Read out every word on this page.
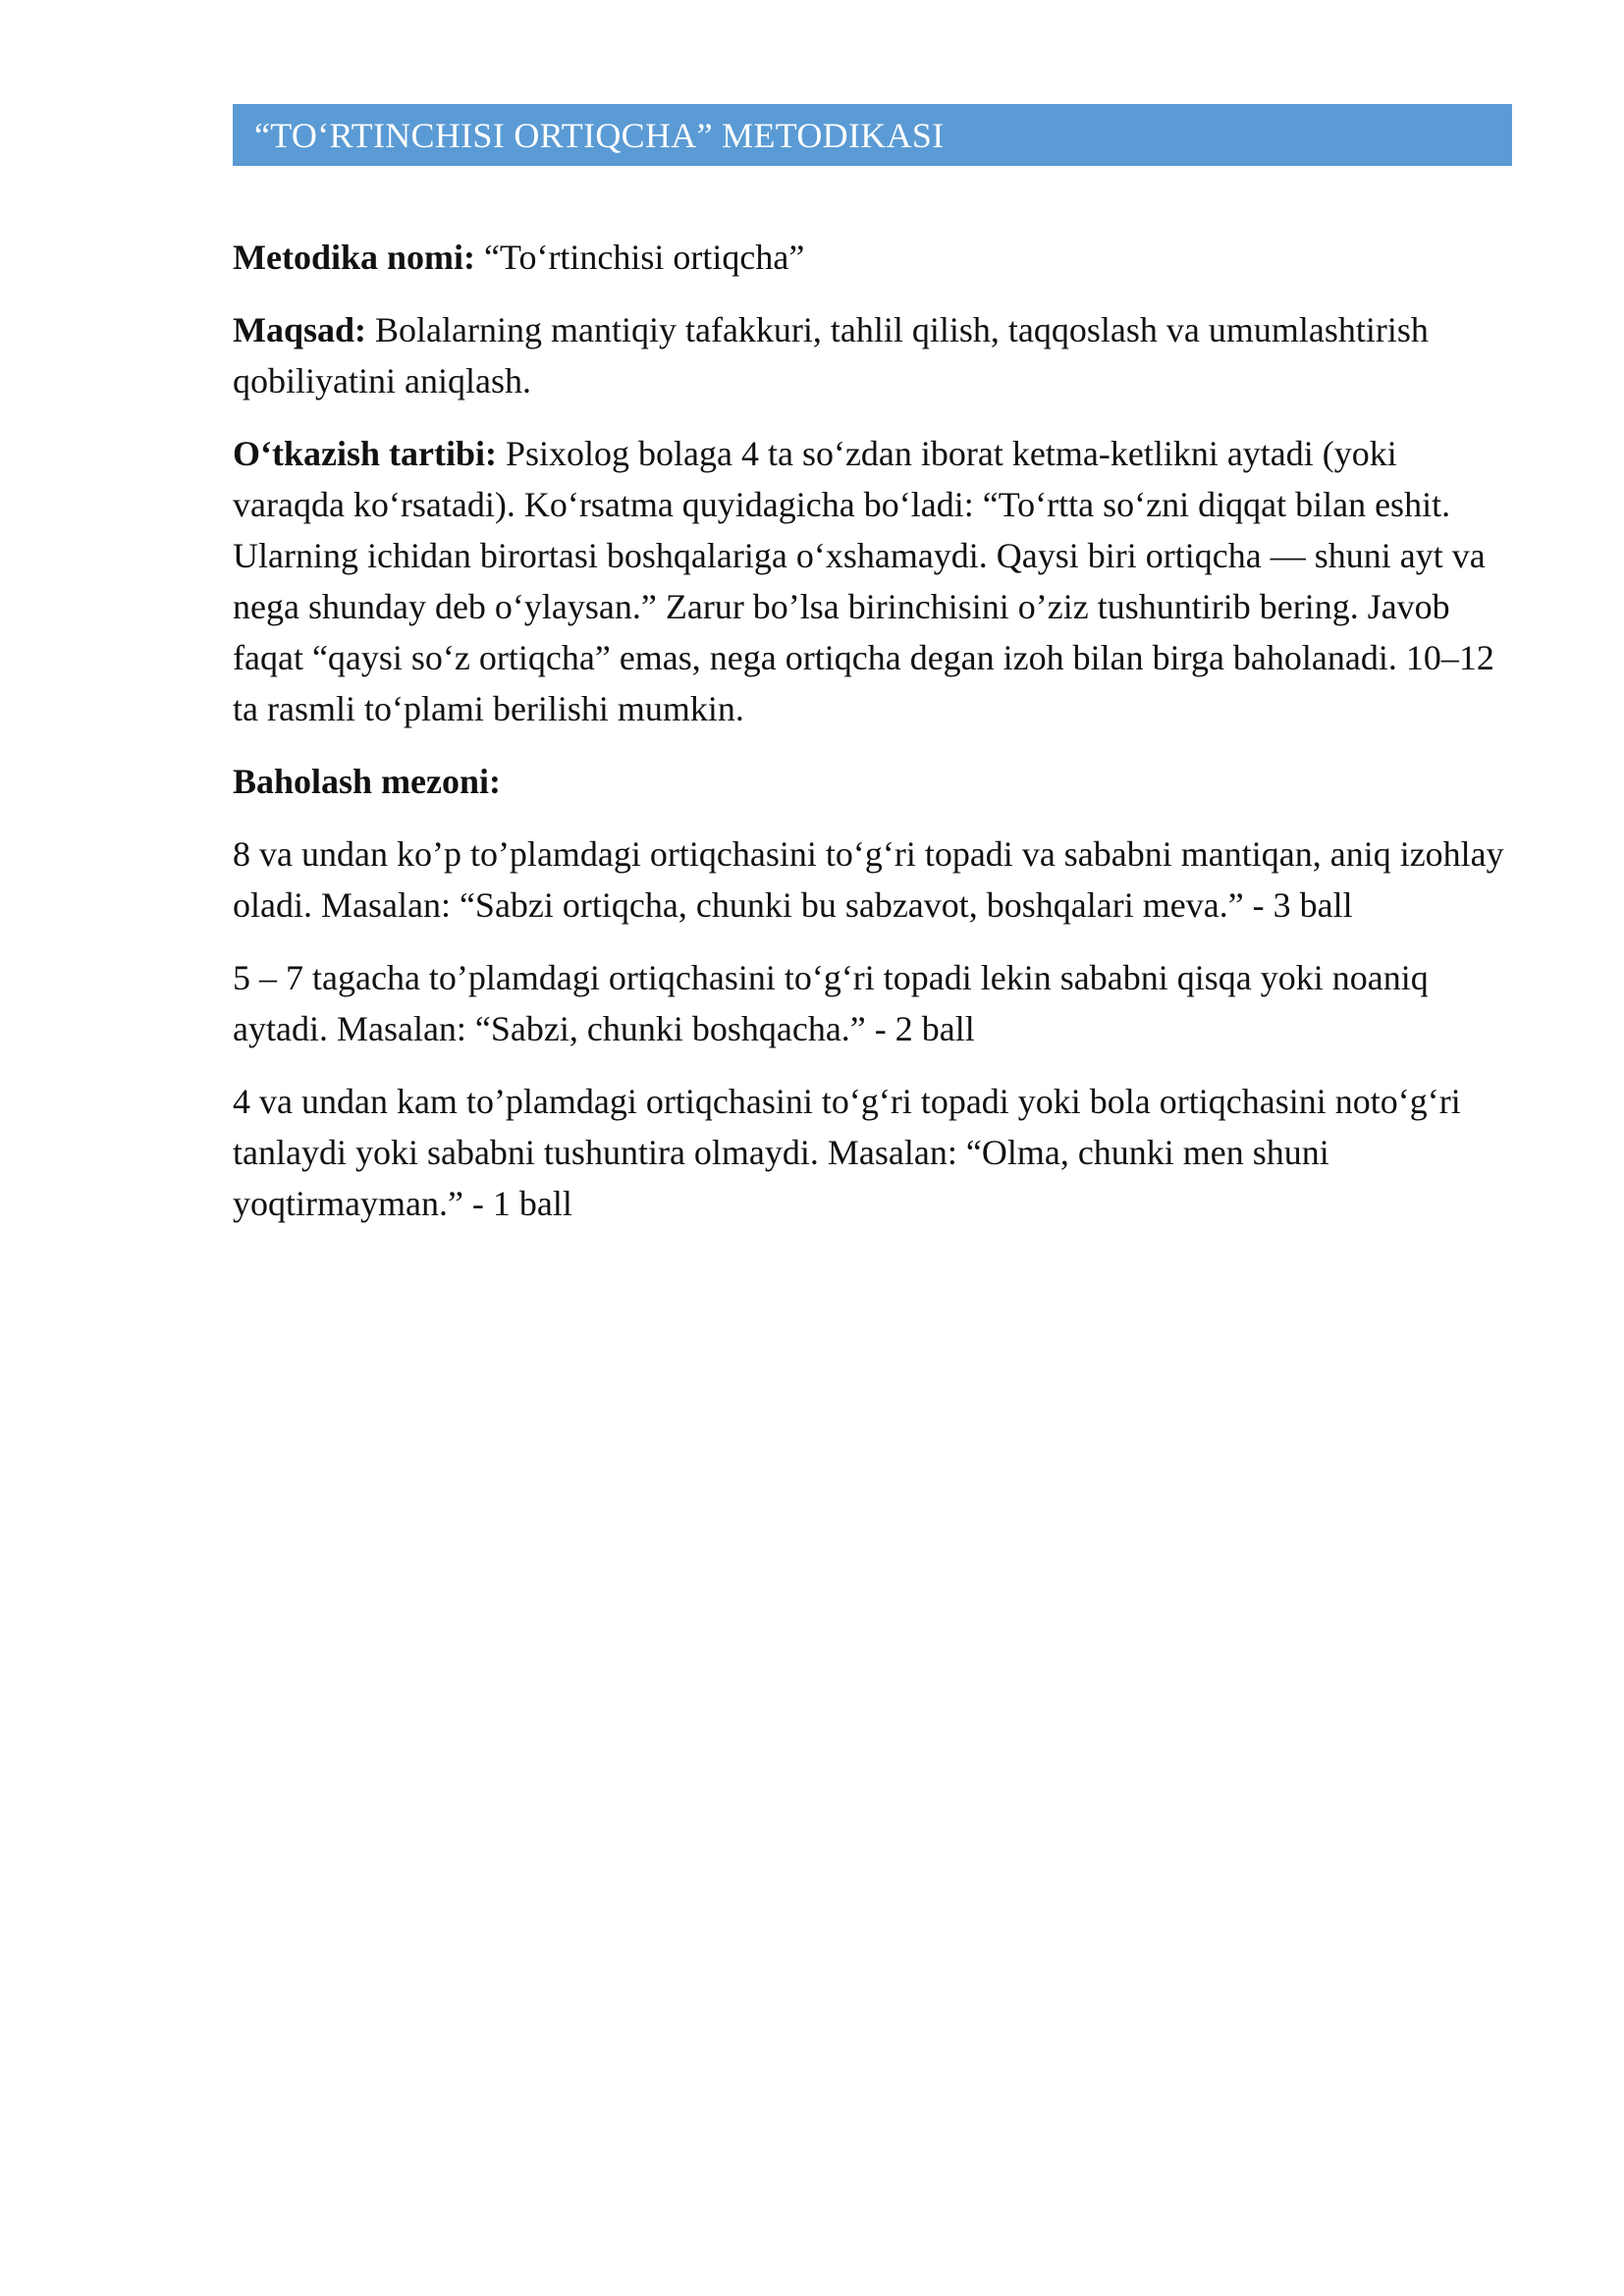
“TO‘RTINCHISI ORTIQCHA” METODIKASI

Metodika nomi: “To‘rtinchisi ortiqcha”

Maqsad: Bolalarning mantiqiy tafakkuri, tahlil qilish, taqqoslash va umumlashtirish qobiliyatini aniqlash.

O‘tkazish tartibi: Psixolog bolaga 4 ta so‘zdan iborat ketma-ketlikni aytadi (yoki varaqda ko‘rsatadi). Ko‘rsatma quyidagicha bo‘ladi: “To‘rtta so‘zni diqqat bilan eshit. Ularning ichidan birortasi boshqalariga o‘xshamaydi. Qaysi biri ortiqcha — shuni ayt va nega shunday deb o‘ylaysan.” Zarur bo’lsa birinchisini o’ziz tushuntirib bering. Javob faqat “qaysi so‘z ortiqcha” emas, nega ortiqcha degan izoh bilan birga baholanadi. 10–12 ta rasmli to‘plami berilishi mumkin.

Baholash mezoni:

8 va undan ko’p to’plamdagi ortiqchasini to‘g‘ri topadi va sababni mantiqan, aniq izohlay oladi. Masalan: “Sabzi ortiqcha, chunki bu sabzavot, boshqalari meva.” - 3 ball

5 – 7 tagacha to’plamdagi ortiqchasini to‘g‘ri topadi lekin sababni qisqa yoki noaniq aytadi. Masalan: “Sabzi, chunki boshqacha.” - 2 ball

4 va undan kam to’plamdagi ortiqchasini to‘g‘ri topadi yoki bola ortiqchasini noto‘g‘ri tanlaydi yoki sababni tushuntira olmaydi. Masalan: “Olma, chunki men shuni yoqtirmayman.” - 1 ball
